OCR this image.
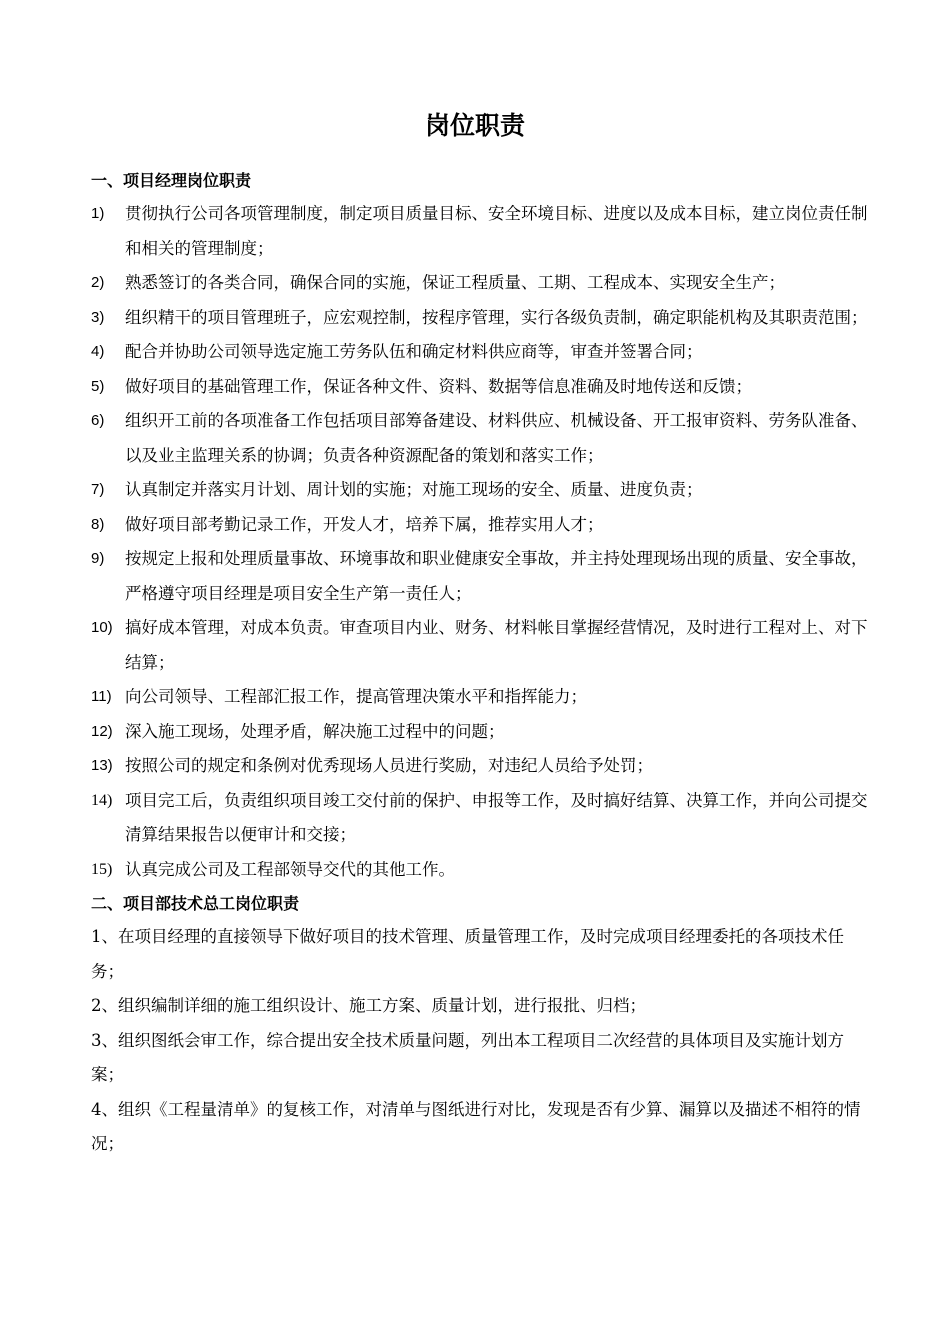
岗位职责
一、项目经理岗位职责
1)	贯彻执行公司各项管理制度，制定项目质量目标、安全环境目标、进度以及成本目标，建立岗位责任制和相关的管理制度；
2)	熟悉签订的各类合同，确保合同的实施，保证工程质量、工期、工程成本、实现安全生产；
3)	组织精干的项目管理班子，应宏观控制，按程序管理，实行各级负责制，确定职能机构及其职责范围；
4)	配合并协助公司领导选定施工劳务队伍和确定材料供应商等，审查并签署合同；
5)	做好项目的基础管理工作，保证各种文件、资料、数据等信息准确及时地传送和反馈；
6)	组织开工前的各项准备工作包括项目部筹备建设、材料供应、机械设备、开工报审资料、劳务队准备、以及业主监理关系的协调；负责各种资源配备的策划和落实工作；
7)	认真制定并落实月计划、周计划的实施；对施工现场的安全、质量、进度负责；
8)	做好项目部考勤记录工作，开发人才，培养下属，推荐实用人才；
9)	按规定上报和处理质量事故、环境事故和职业健康安全事故，并主持处理现场出现的质量、安全事故，严格遵守项目经理是项目安全生产第一责任人；
10) 搞好成本管理，对成本负责。审查项目内业、财务、材料帐目掌握经营情况，及时进行工程对上、对下结算；
11) 向公司领导、工程部汇报工作，提高管理决策水平和指挥能力；
12) 深入施工现场，处理矛盾，解决施工过程中的问题；
13) 按照公司的规定和条例对优秀现场人员进行奖励，对违纪人员给予处罚；
14) 项目完工后，负责组织项目竣工交付前的保护、申报等工作，及时搞好结算、决算工作，并向公司提交清算结果报告以便审计和交接；
15) 认真完成公司及工程部领导交代的其他工作。
二、项目部技术总工岗位职责
1、在项目经理的直接领导下做好项目的技术管理、质量管理工作，及时完成项目经理委托的各项技术任务；
2、组织编制详细的施工组织设计、施工方案、质量计划，进行报批、归档；
3、组织图纸会审工作，综合提出安全技术质量问题，列出本工程项目二次经营的具体项目及实施计划方案；
4、组织《工程量清单》的复核工作，对清单与图纸进行对比，发现是否有少算、漏算以及描述不相符的情况；
